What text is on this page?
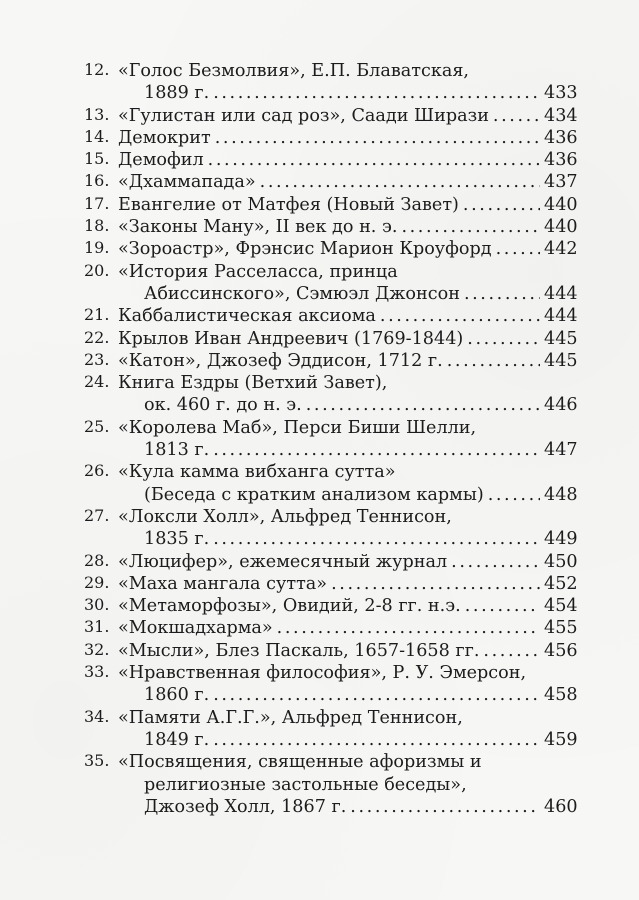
12. «Голос Безмолвия», Е.П. Блаватская,
1889 г. . . .	433
13. «Гулистан или сад роз», Саади Ширази . . .	434
14. Демокрит . . .	436
15. Демофил . . .	436
16. «Дхаммапада» . . .	437
17. Евангелие от Матфея (Новый Завет) . . .	440
18. «Законы Ману», II век до н. э. . . .	440
19. «Зороастр», Фрэнсис Марион Кроуфорд . . .	442
20. «История Расселасса, принца
Абиссинского», Сэмюэл Джонсон . . .	444
21. Каббалистическая аксиома . . .	444
22. Крылов Иван Андреевич (1769-1844) . . .	445
23. «Катон», Джозеф Эддисон, 1712 г. . . .	445
24. Книга Ездры (Ветхий Завет),
ок. 460 г. до н. э. . . .	446
25. «Королева Маб», Перси Биши Шелли,
1813 г. . . .	447
26. «Кула камма вибханга сутта»
(Беседа с кратким анализом кармы) . . .	448
27. «Локсли Холл», Альфред Теннисон,
1835 г. . . .	449
28. «Люцифер», ежемесячный журнал . . .	450
29. «Маха мангала сутта» . . .	452
30. «Метаморфозы», Овидий, 2-8 гг. н.э. . . .	454
31. «Мокшадхарма» . . .	455
32. «Мысли», Блез Паскаль, 1657-1658 гг. . . .	456
33. «Нравственная философия», Р. У. Эмерсон,
1860 г. . . .	458
34. «Памяти А.Г.Г.», Альфред Теннисон,
1849 г. . . .	459
35. «Посвящения, священные афоризмы и
религиозные застольные беседы»,
Джозеф Холл, 1867 г. . . .	460
